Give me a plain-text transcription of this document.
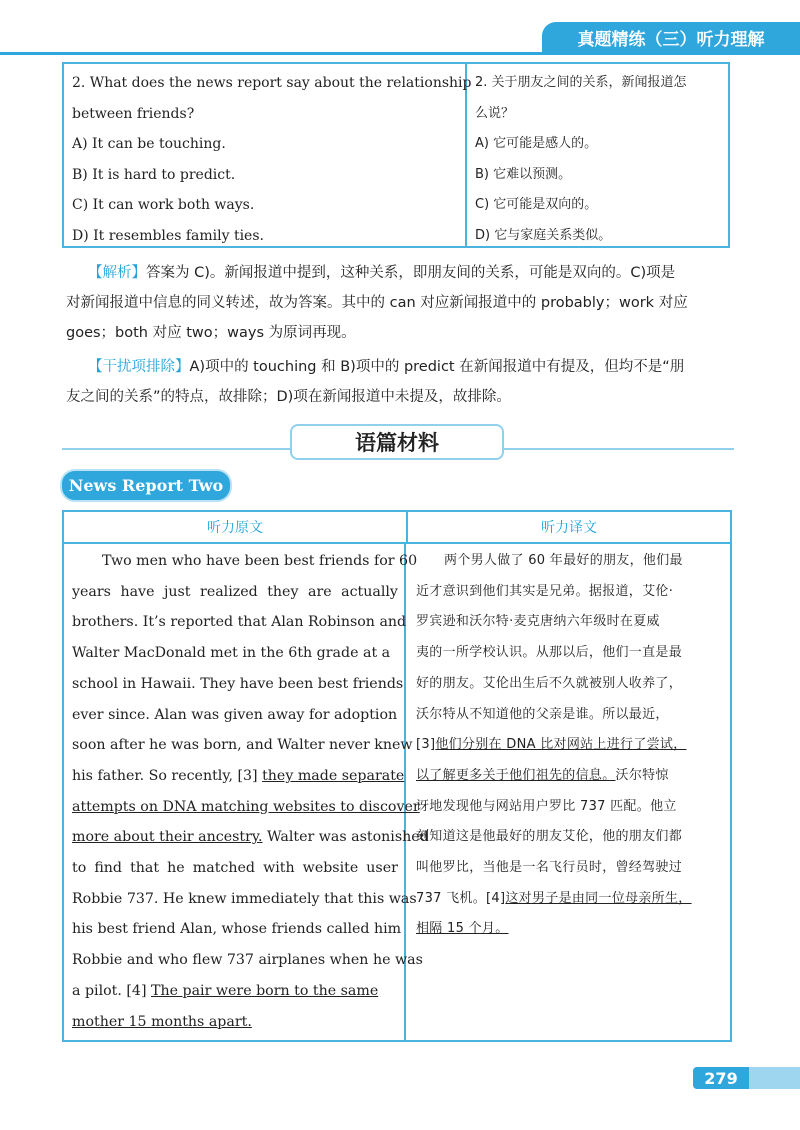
真题精练（三）听力理解
2. What does the news report say about the relationship
between friends?
A) It can be touching.
B) It is hard to predict.
C) It can work both ways.
D) It resembles family ties.
2. 关于朋友之间的关系，新闻报道怎
么说？
A) 它可能是感人的。
B) 它难以预测。
C) 它可能是双向的。
D) 它与家庭关系类似。
【解析】答案为 C)。新闻报道中提到，这种关系，即朋友间的关系，可能是双向的。C)项是
对新闻报道中信息的同义转述，故为答案。其中的 can 对应新闻报道中的 probably；work 对应
goes；both 对应 two；ways 为原词再现。
【干扰项排除】A)项中的 touching 和 B)项中的 predict 在新闻报道中有提及，但均不是“朋
友之间的关系”的特点，故排除；D)项在新闻报道中未提及，故排除。
语篇材料
News Report Two
听力原文	听力译文
Two men who have been best friends for 60
years have just realized they are actually
brothers. It’s reported that Alan Robinson and
Walter MacDonald met in the 6th grade at a
school in Hawaii. They have been best friends
ever since. Alan was given away for adoption
soon after he was born, and Walter never knew
his father. So recently, [3] they made separate
attempts on DNA matching websites to discover
more about their ancestry. Walter was astonished
to find that he matched with website user
Robbie 737. He knew immediately that this was
his best friend Alan, whose friends called him
Robbie and who flew 737 airplanes when he was
a pilot. [4] The pair were born to the same
mother 15 months apart.
两个男人做了 60 年最好的朋友，他们最
近才意识到他们其实是兄弟。据报道，艾伦·
罗宾逊和沃尔特·麦克唐纳六年级时在夏威
夷的一所学校认识。从那以后，他们一直是最
好的朋友。艾伦出生后不久就被别人收养了，
沃尔特从不知道他的父亲是谁。所以最近，
[3]他们分别在 DNA 比对网站上进行了尝试，
以了解更多关于他们祖先的信息。沃尔特惊
讶地发现他与网站用户罗比 737 匹配。他立
刻知道这是他最好的朋友艾伦，他的朋友们都
叫他罗比，当他是一名飞行员时，曾经驾驶过
737 飞机。[4]这对男子是由同一位母亲所生，
相隔 15 个月。
279
